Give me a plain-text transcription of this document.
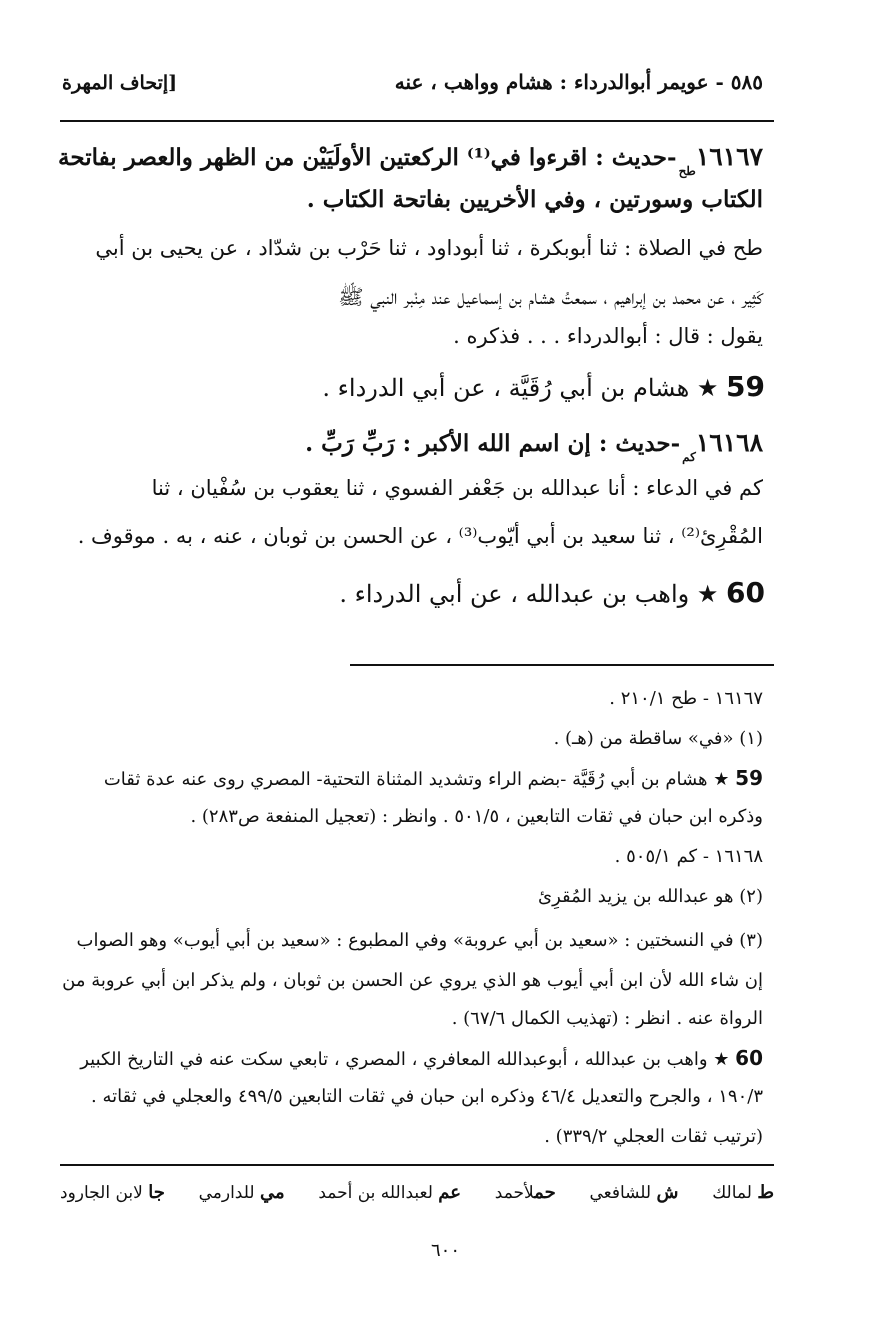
٥٨٥ - عويمر أبوالدرداء : هشام وواهب ، عنه
[إتحاف المهرة
$١٦١٦٧_{طح}$-حديث : اقرءوا في⁽¹⁾ الركعتين الأولَيَيْن من الظهر والعصر بفاتحة
الكتاب وسورتين ، وفي الأخريين بفاتحة الكتاب .
طح في الصلاة : ثنا أبوبكرة ، ثنا أبوداود ، ثنا حَرْب بن شدّاد ، عن يحيى بن أبي
كَثِير ، عن محمد بن إبراهيم ، سمعتُ هشام بن إسماعيل عند مِنْبر النبي ﷺ
يقول : قال : أبوالدرداء . . . فذكره .
59 ★ هشام بن أبي رُقَيَّة ، عن أبي الدرداء .
$١٦١٦٨_{كم}$-حديث : إن اسم الله الأكبر : رَبِّ رَبِّ .
كم في الدعاء : أنا عبدالله بن جَعْفر الفسوي ، ثنا يعقوب بن سُفْيان ، ثنا
المُقْرِئ⁽²⁾ ، ثنا سعيد بن أبي أيّوب⁽³⁾ ، عن الحسن بن ثوبان ، عنه ، به . موقوف .
60 ★ واهب بن عبدالله ، عن أبي الدرداء .
١٦١٦٧ - طح ٢١٠/١ .
(١) «في» ساقطة من (هـ) .
59 ★ هشام بن أبي رُقَيَّة -بضم الراء وتشديد المثناة التحتية- المصري روى عنه عدة ثقات
وذكره ابن حبان في ثقات التابعين ، ٥٠١/٥ . وانظر : (تعجيل المنفعة ص٢٨٣) .
١٦١٦٨ - كم ٥٠٥/١ .
(٢) هو عبدالله بن يزيد المُقرِئ
(٣) في النسختين : «سعيد بن أبي عروبة» وفي المطبوع : «سعيد بن أبي أيوب» وهو الصواب
إن شاء الله لأن ابن أبي أيوب هو الذي يروي عن الحسن بن ثوبان ، ولم يذكر ابن أبي عروبة من
الرواة عنه . انظر : (تهذيب الكمال ٦٧/٦) .
60 ★ واهب بن عبدالله ، أبوعبدالله المعافري ، المصري ، تابعي سكت عنه في التاريخ الكبير
١٩٠/٣ ، والجرح والتعديل ٤٦/٤ وذكره ابن حبان في ثقات التابعين ٤٩٩/٥ والعجلي في ثقاته .
(ترتيب ثقات العجلي ٣٣٩/٢) .
ط لمالك
ش للشافعي
حملأحمد
عم لعبدالله بن أحمد
مي للدارمي
جا لابن الجارود
٦٠٠
